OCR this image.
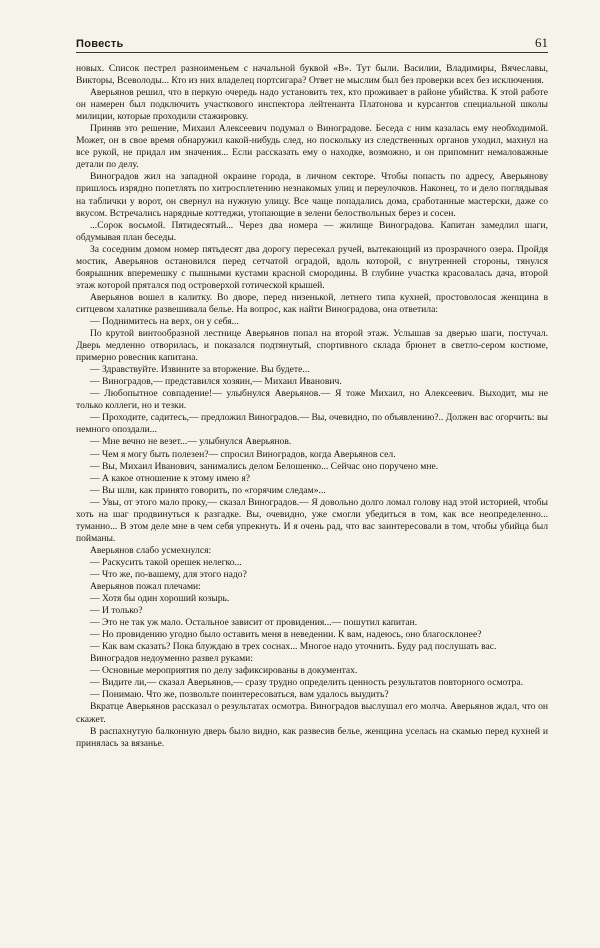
Повесть	61

новых. Список пестрел разноименьем с начальной буквой «В». Тут были. Василии, Владимиры, Вячеславы, Викторы, Всеволоды... Кто из них владелец портсигара? Ответ не мыслим был без проверки всех без исключения.

Аверьянов решил, что в перкую очередь надо установить тех, кто проживает в районе убийства. К этой работе он намерен был подключить участкового инспектора лейтенанта Платонова и курсантов специальной школы милиции, которые проходили стажировку.

Приняв это решение, Михаил Алексеевич подумал о Виноградове. Беседа с ним казалась ему необходимой. Может, он в свое время обнаружил какой-нибудь след, но поскольку из следственных органов уходил, махнул на все рукой, не придал им значения... Если рассказать ему о находке, возможно, и он припомнит немаловажные детали по делу.

Виноградов жил на западной окраине города, в личном секторе. Чтобы попасть по адресу, Аверьянову пришлось изрядно попетлять по хитросплетению незнакомых улиц и переулочков. Наконец, то и дело поглядывая на таблички у ворот, он свернул на нужную улицу. Все чаще попадались дома, сработанные мастерски, даже со вкусом. Встречались нарядные коттеджи, утопающие в зелени белоствольных берез и сосен.

...Сорок восьмой. Пятидесятый... Через два номера — жилище Виноградова. Капитан замедлил шаги, обдумывая план беседы.

За соседним домом номер пятьдесят два дорогу пересекал ручей, вытекающий из прозрачного озера. Пройдя мостик, Аверьянов остановился перед сетчатой оградой, вдоль которой, с внутренней стороны, тянулся боярышник вперемешку с пышными кустами красной смородины. В глубине участка красовалась дача, второй этаж которой прятался под островерхой готической крышей.

Аверьянов вошел в калитку. Во дворе, перед низенькой, летнего типа кухней, простоволосая женщина в ситцевом халатике развешивала белье. На вопрос, как найти Виноградова, она ответила:

— Поднимитесь на верх, он у себя...

По крутой винтообразной лестнице Аверьянов попал на второй этаж. Услышав за дверью шаги, постучал. Дверь медленно отворилась, и показался подтянутый, спортивного склада брюнет в светло-сером костюме, примерно ровесник капитана.

— Здравствуйте. Извините за вторжение. Вы будете...

— Виноградов,— представился хозяин,— Михаил Иванович.

— Любопытное совпадение!— улыбнулся Аверьянов.— Я тоже Михаил, но Алексеевич. Выходит, мы не только коллеги, но и тезки.

— Проходите, садитесь,— предложил Виноградов.— Вы, очевидно, по объявлению?.. Должен вас огорчить: вы немного опоздали...

— Мне вечно не везет...— улыбнулся Аверьянов.

— Чем я могу быть полезен?— спросил Виноградов, когда Аверьянов сел.

— Вы, Михаил Иванович, занимались делом Белошенко... Сейчас оно поручено мне.

— А какое отношение к этому имею я?

— Вы шли, как принято говорить, по «горячим следам»...

— Увы, от этого мало проку,— сказал Виноградов.— Я довольно долго ломал голову над этой историей, чтобы хоть на шаг продвинуться к разгадке. Вы, очевидно, уже смогли убедиться в том, как все неопределенно... туманно... В этом деле мне в чем себя упрекнуть. И я очень рад, что вас заинтересовали в том, чтобы убийца был пойманы.

Аверьянов слабо усмехнулся:

— Раскусить такой орешек нелегко...

— Что же, по-вашему, для этого надо?

Аверьянов пожал плечами:

— Хотя бы один хороший козырь.

— И только?

— Это не так уж мало. Остальное зависит от провидения...— пошутил капитан.

— Но провидению угодно было оставить меня в неведении. К вам, надеюсь, оно благосклонее?

— Как вам сказать? Пока блуждаю в трех соснах... Многое надо уточнить. Буду рад послушать вас.

Виноградов недоуменно развел руками:

— Основные мероприятия по делу зафиксированы в документах.

— Видите ли,— сказал Аверьянов,— сразу трудно определить ценность результатов повторного осмотра.

— Понимаю. Что же, позвольте поинтересоваться, вам удалось выудить?

Вкратце Аверьянов рассказал о результатах осмотра. Виноградов выслушал его молча. Аверьянов ждал, что он скажет.

В распахнутую балконную дверь было видно, как развесив белье, женщина уселась на скамью перед кухней и принялась за вязанье.
